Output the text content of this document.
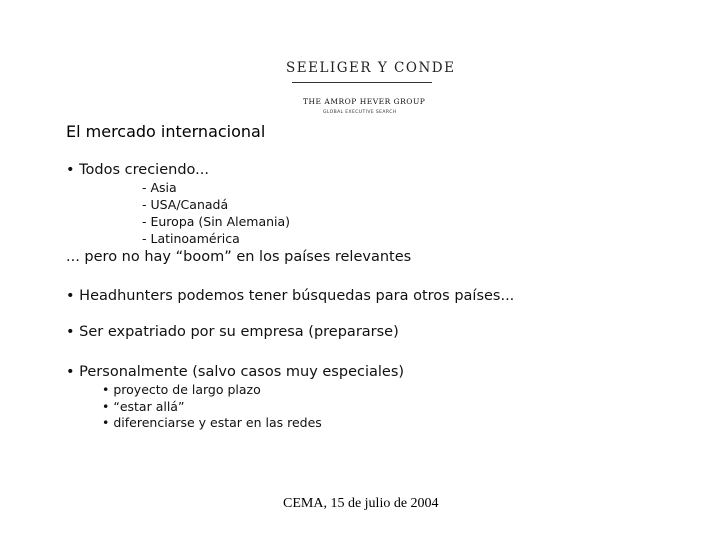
SEELIGER Y CONDE
THE AMROP HEVER GROUP
GLOBAL EXECUTIVE SEARCH
El mercado internacional
• Todos creciendo...
- Asia
- USA/Canadá
- Europa (Sin Alemania)
- Latinoamérica
... pero no hay “boom” en los países relevantes
• Headhunters podemos tener búsquedas para otros países...
• Ser expatriado por su empresa (prepararse)
• Personalmente (salvo casos muy especiales)
• proyecto de largo plazo
• “estar allá”
• diferenciarse y estar en las redes
CEMA, 15 de julio de 2004
